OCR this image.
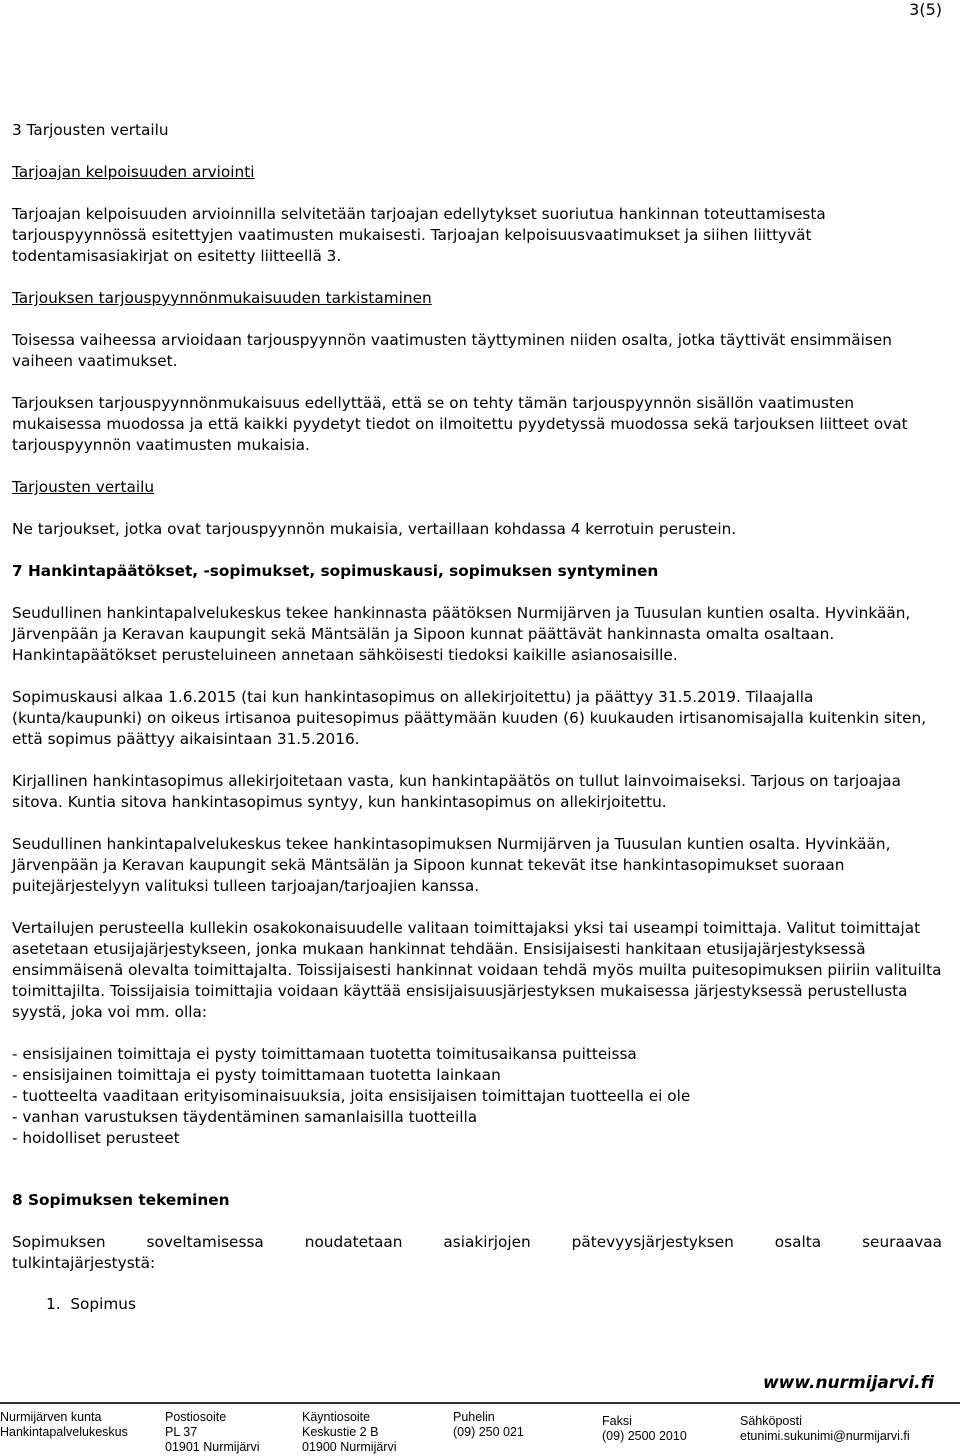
3(5)

3 Tarjousten vertailu

Tarjoajan kelpoisuuden arviointi

Tarjoajan kelpoisuuden arvioinnilla selvitetään tarjoajan edellytykset suoriutua hankinnan toteuttamisesta tarjouspyynnössä esitettyjen vaatimusten mukaisesti. Tarjoajan kelpoisuusvaatimukset ja siihen liittyvät todentamisasiakirjat on esitetty liitteellä 3.

Tarjouksen tarjouspyynnönmukaisuuden tarkistaminen

Toisessa vaiheessa arvioidaan tarjouspyynnön vaatimusten täyttyminen niiden osalta, jotka täyttivät ensimmäisen vaiheen vaatimukset.

Tarjouksen tarjouspyynnönmukaisuus edellyttää, että se on tehty tämän tarjouspyynnön sisällön vaatimusten mukaisessa muodossa ja että kaikki pyydetyt tiedot on ilmoitettu pyydetyssä muodossa sekä tarjouksen liitteet ovat tarjouspyynnön vaatimusten mukaisia.

Tarjousten vertailu

Ne tarjoukset, jotka ovat tarjouspyynnön mukaisia, vertaillaan kohdassa 4 kerrotuin perustein.

7 Hankintapäätökset, -sopimukset, sopimuskausi, sopimuksen syntyminen

Seudullinen hankintapalvelukeskus tekee hankinnasta päätöksen Nurmijärven ja Tuusulan kuntien osalta. Hyvinkään, Järvenpään ja Keravan kaupungit sekä Mäntsälän ja Sipoon kunnat päättävät hankinnasta omalta osaltaan. Hankintapäätökset perusteluineen annetaan sähköisesti tiedoksi kaikille asianosaisille.

Sopimuskausi alkaa 1.6.2015 (tai kun hankintasopimus on allekirjoitettu) ja päättyy 31.5.2019. Tilaajalla (kunta/kaupunki) on oikeus irtisanoa puitesopimus päättymään kuuden (6) kuukauden irtisanomisajalla kuitenkin siten, että sopimus päättyy aikaisintaan 31.5.2016.

Kirjallinen hankintasopimus allekirjoitetaan vasta, kun hankintapäätös on tullut lainvoimaiseksi. Tarjous on tarjoajaa sitova. Kuntia sitova hankintasopimus syntyy, kun hankintasopimus on allekirjoitettu.

Seudullinen hankintapalvelukeskus tekee hankintasopimuksen Nurmijärven ja Tuusulan kuntien osalta. Hyvinkään, Järvenpään ja Keravan kaupungit sekä Mäntsälän ja Sipoon kunnat tekevät itse hankintasopimukset suoraan puitejärjestelyyn valituksi tulleen tarjoajan/tarjoajien kanssa.

Vertailujen perusteella kullekin osakokonaisuudelle valitaan toimittajaksi yksi tai useampi toimittaja. Valitut toimittajat asetetaan etusijajärjestykseen, jonka mukaan hankinnat tehdään. Ensisijaisesti hankitaan etusijajärjestyksessä ensimmäisenä olevalta toimittajalta. Toissijaisesti hankinnat voidaan tehdä myös muilta puitesopimuksen piiriin valituilta toimittajilta. Toissijaisia toimittajia voidaan käyttää ensisijaisuusjärjestyksen mukaisessa järjestyksessä perustellusta syystä, joka voi mm. olla:

- ensisijainen toimittaja ei pysty toimittamaan tuotetta toimitusaikansa puitteissa
- ensisijainen toimittaja ei pysty toimittamaan tuotetta lainkaan
- tuotteelta vaaditaan erityisominaisuuksia, joita ensisijaisen toimittajan tuotteella ei ole
- vanhan varustuksen täydentäminen samanlaisilla tuotteilla
- hoidolliset perusteet

8 Sopimuksen tekeminen

Sopimuksen soveltamisessa noudatetaan asiakirjojen pätevyysjärjestyksen osalta seuraavaa tulkintajärjestystä:

1. Sopimus
www.nurmijarvi.fi
Nurmijärven kunta
Hankintapalvelukeskus
Postiosoite
PL 37
01901 Nurmijärvi
Käyntiosoite
Keskustie 2 B
01900 Nurmijärvi
Puhelin
(09) 250 021
Faksi
(09) 2500 2010
Sähköposti
etunimi.sukunimi@nurmijarvi.fi
